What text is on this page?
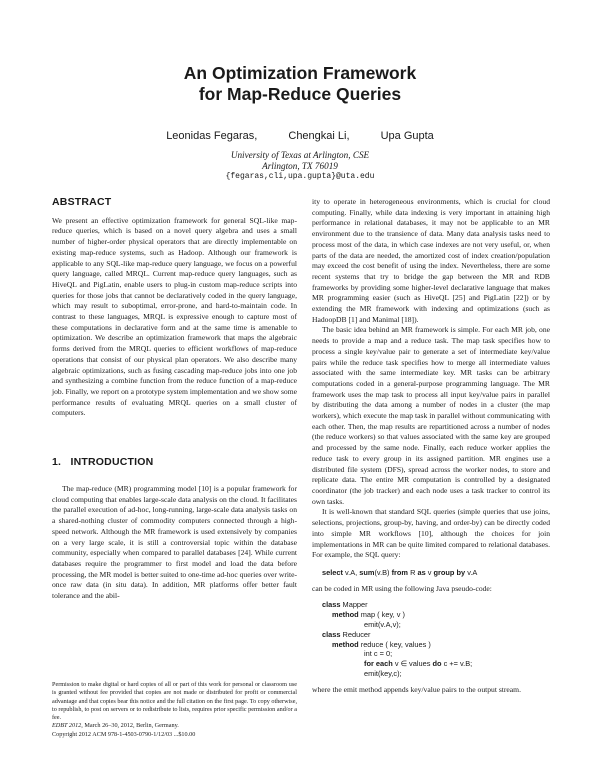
An Optimization Framework
for Map-Reduce Queries
Leonidas Fegaras,	Chengkai Li,	Upa Gupta
University of Texas at Arlington, CSE
Arlington, TX 76019
{fegaras,cli,upa.gupta}@uta.edu
ABSTRACT

We present an effective optimization framework for general SQL-like map-reduce queries, which is based on a novel query algebra and uses a small number of higher-order physical operators that are directly implementable on existing map-reduce systems, such as Hadoop. Although our framework is applicable to any SQL-like map-reduce query language, we focus on a powerful query language, called MRQL. Current map-reduce query languages, such as HiveQL and PigLatin, enable users to plug-in custom map-reduce scripts into queries for those jobs that cannot be declaratively coded in the query language, which may result to suboptimal, error-prone, and hard-to-maintain code. In contrast to these languages, MRQL is expressive enough to capture most of these computations in declarative form and at the same time is amenable to optimization. We describe an optimization framework that maps the algebraic forms derived from the MRQL queries to efficient workflows of map-reduce operations that consist of our physical plan operators. We also describe many algebraic optimizations, such as fusing cascading map-reduce jobs into one job and synthesizing a combine function from the reduce function of a map-reduce job. Finally, we report on a prototype system implementation and we show some performance results of evaluating MRQL queries on a small cluster of computers.

1.   INTRODUCTION

The map-reduce (MR) programming model [10] is a popular framework for cloud computing that enables large-scale data analysis on the cloud. It facilitates the parallel execution of ad-hoc, long-running, large-scale data analysis tasks on a shared-nothing cluster of commodity computers connected through a high-speed network. Although the MR framework is used extensively by companies on a very large scale, it is still a controversial topic within the database community, especially when compared to parallel databases [24]. While current databases require the programmer to first model and load the data before processing, the MR model is better suited to one-time ad-hoc queries over write-once raw data (in situ data). In addition, MR platforms offer better fault tolerance and the abil-

ity to operate in heterogeneous environments, which is crucial for cloud computing. Finally, while data indexing is very important in attaining high performance in relational databases, it may not be applicable to an MR environment due to the transience of data. Many data analysis tasks need to process most of the data, in which case indexes are not very useful, or, when parts of the data are needed, the amortized cost of index creation/population may exceed the cost benefit of using the index. Nevertheless, there are some recent systems that try to bridge the gap between the MR and RDB frameworks by providing some higher-level declarative language that makes MR programming easier (such as HiveQL [25] and PigLatin [22]) or by extending the MR framework with indexing and optimizations (such as HadoopDB [1] and Manimal [18]).

The basic idea behind an MR framework is simple. For each MR job, one needs to provide a map and a reduce task. The map task specifies how to process a single key/value pair to generate a set of intermediate key/value pairs while the reduce task specifies how to merge all intermediate values associated with the same intermediate key. MR tasks can be arbitrary computations coded in a general-purpose programming language. The MR framework uses the map task to process all input key/value pairs in parallel by distributing the data among a number of nodes in a cluster (the map workers), which execute the map task in parallel without communicating with each other. Then, the map results are repartitioned across a number of nodes (the reduce workers) so that values associated with the same key are grouped and processed by the same node. Finally, each reduce worker applies the reduce task to every group in its assigned partition. MR engines use a distributed file system (DFS), spread across the worker nodes, to store and replicate data. The entire MR computation is controlled by a designated coordinator (the job tracker) and each node uses a task tracker to control its own tasks.

It is well-known that standard SQL queries (simple queries that use joins, selections, projections, group-by, having, and order-by) can be directly coded into simple MR workflows [10], although the choices for join implementations in MR can be quite limited compared to relational databases. For example, the SQL query:

select v.A, sum(v.B) from R as v group by v.A

can be coded in MR using the following Java pseudo-code:

class Mapper
method map ( key, v )
emit(v.A,v);
class Reducer
method reduce ( key, values )
int c = 0;
for each v ∈ values do c += v.B;
emit(key,c);

where the emit method appends key/value pairs to the output stream.

Permission to make digital or hard copies of all or part of this work for personal or classroom use is granted without fee provided that copies are not made or distributed for profit or commercial advantage and that copies bear this notice and the full citation on the first page. To copy otherwise, to republish, to post on servers or to redistribute to lists, requires prior specific permission and/or a fee.

EDBT 2012, March 26–30, 2012, Berlin, Germany.

Copyright 2012 ACM 978-1-4503-0790-1/12/03 ...$10.00
